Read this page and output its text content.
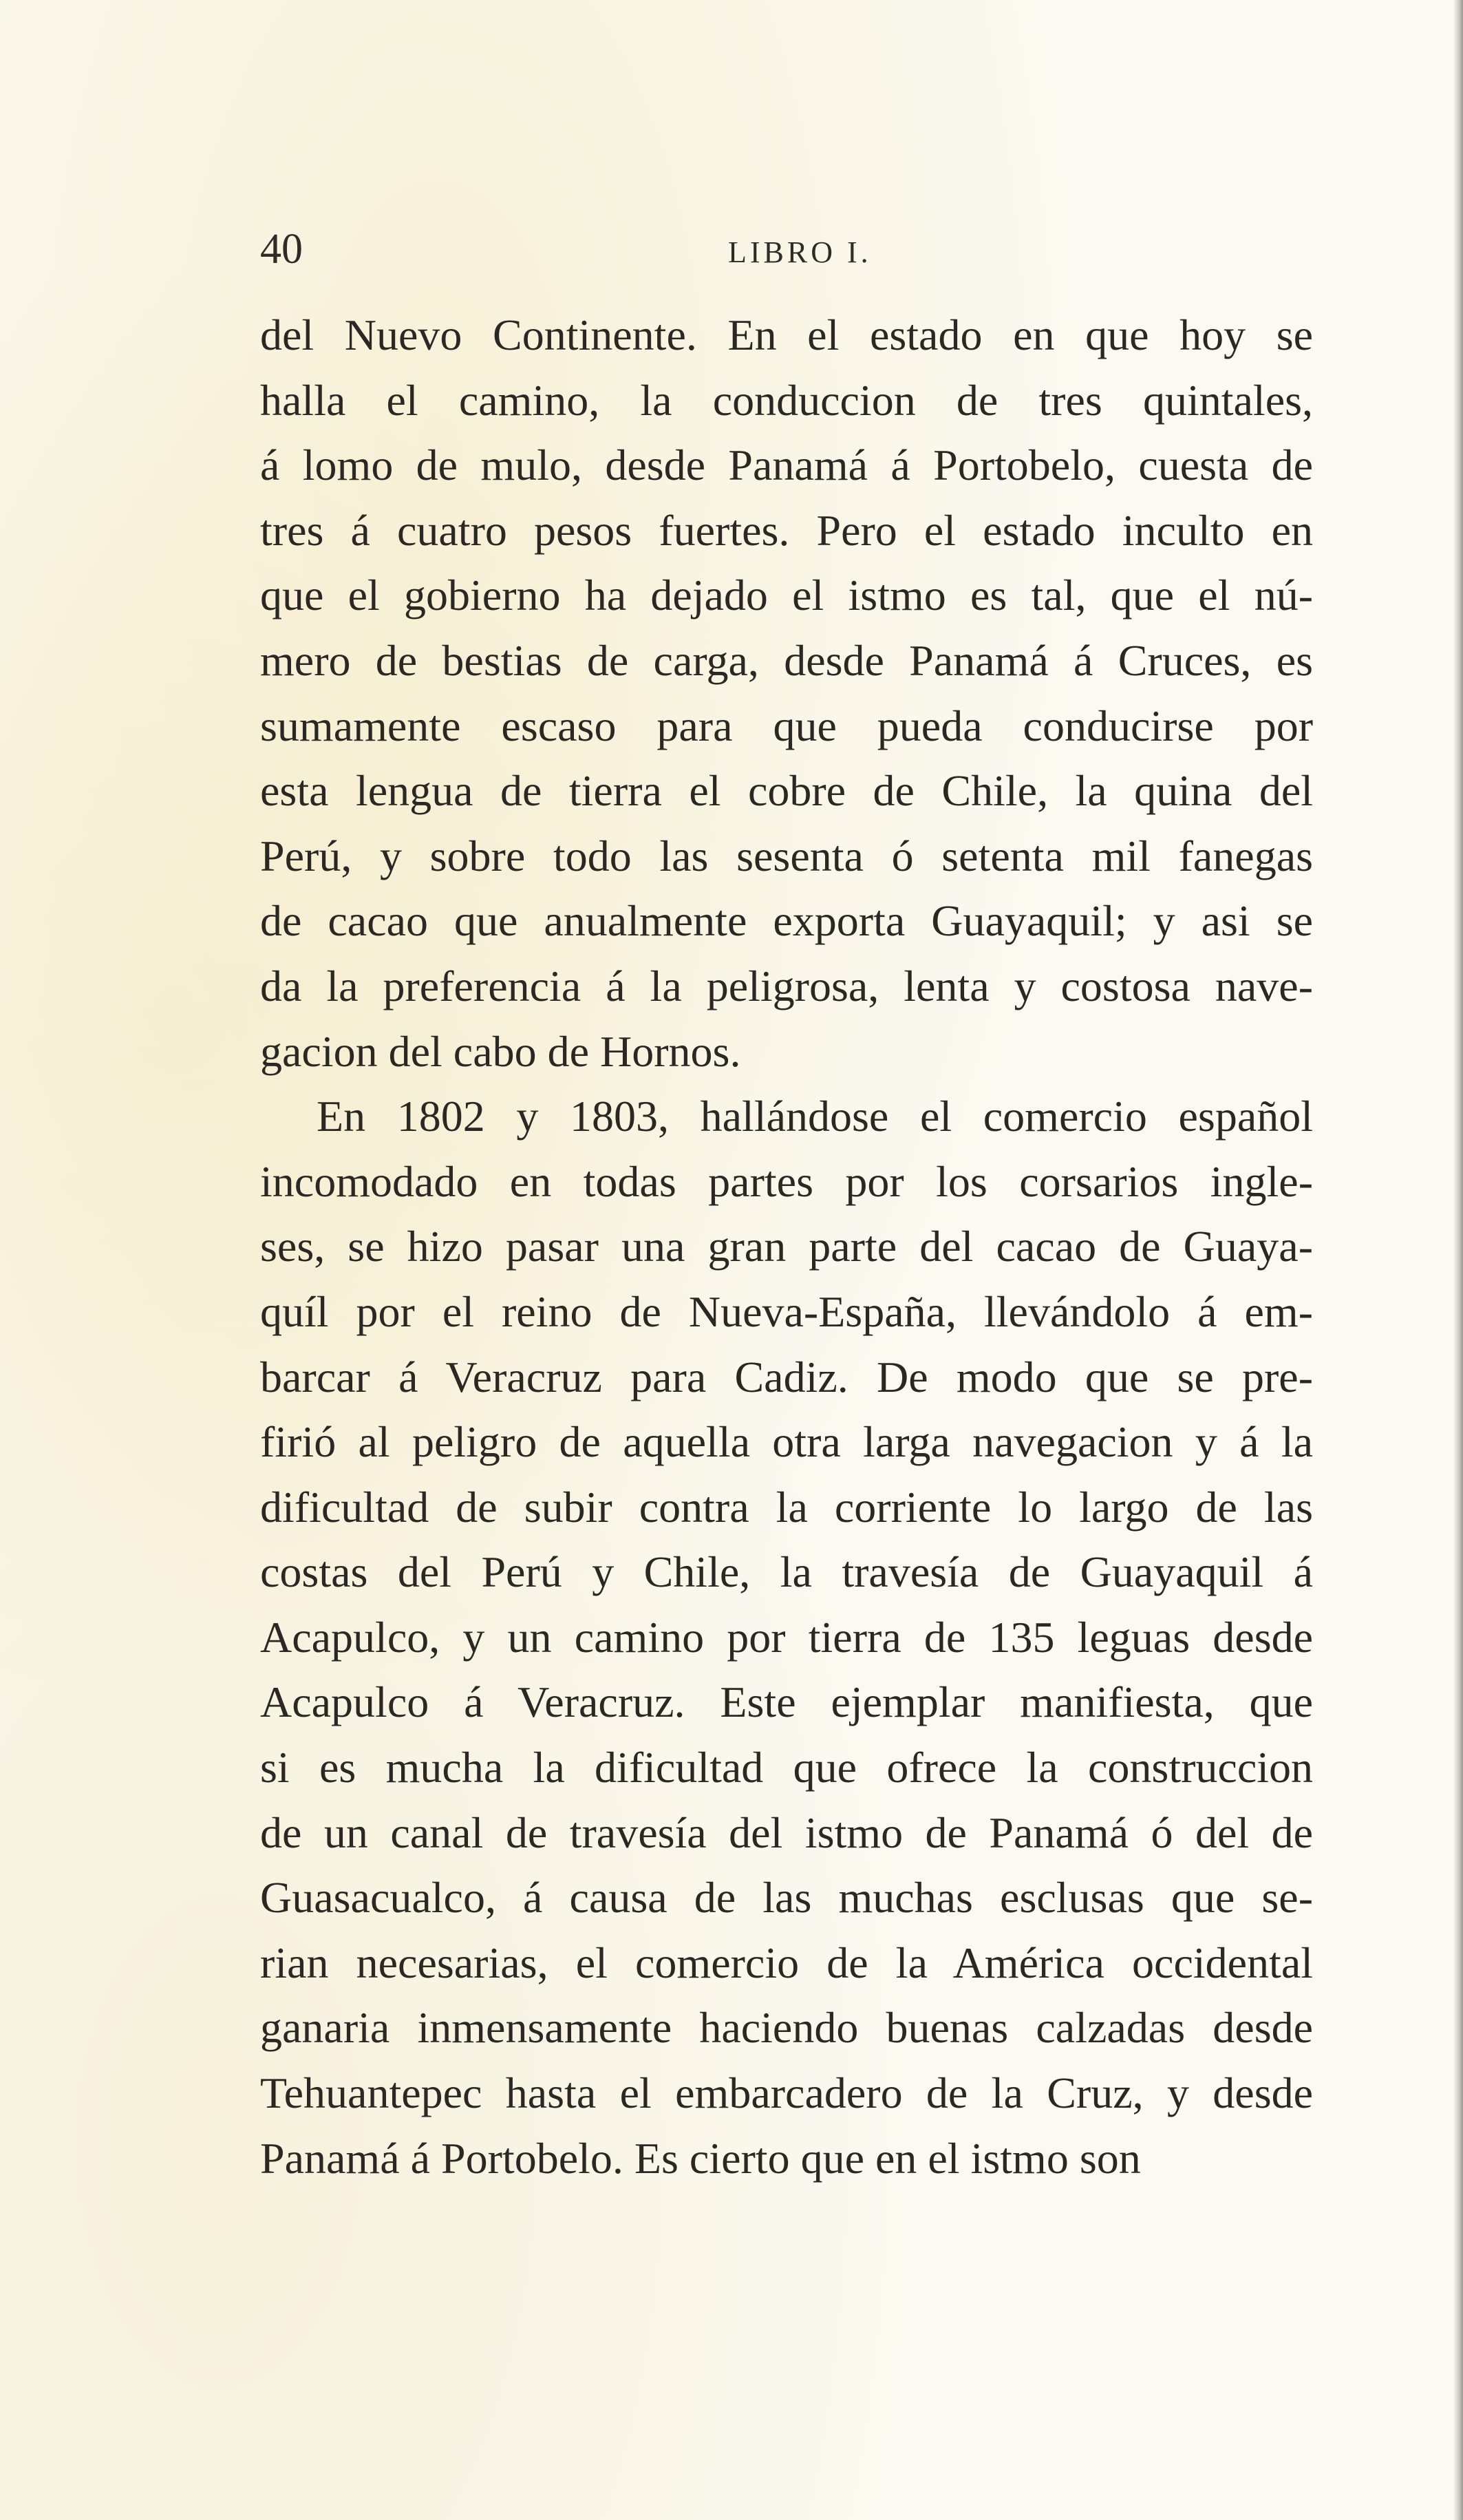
40	LIBRO I.
del Nuevo Continente. En el estado en que hoy se
halla el camino, la conduccion de tres quintales,
á lomo de mulo, desde Panamá á Portobelo, cuesta de
tres á cuatro pesos fuertes. Pero el estado inculto en
que el gobierno ha dejado el istmo es tal, que el nú-
mero de bestias de carga, desde Panamá á Cruces, es
sumamente escaso para que pueda conducirse por
esta lengua de tierra el cobre de Chile, la quina del
Perú, y sobre todo las sesenta ó setenta mil fanegas
de cacao que anualmente exporta Guayaquil; y asi se
da la preferencia á la peligrosa, lenta y costosa nave-
gacion del cabo de Hornos.
En 1802 y 1803, hallándose el comercio español
incomodado en todas partes por los corsarios ingle-
ses, se hizo pasar una gran parte del cacao de Guaya-
quíl por el reino de Nueva-España, llevándolo á em-
barcar á Veracruz para Cadiz. De modo que se pre-
firió al peligro de aquella otra larga navegacion y á la
dificultad de subir contra la corriente lo largo de las
costas del Perú y Chile, la travesía de Guayaquil á
Acapulco, y un camino por tierra de 135 leguas desde
Acapulco á Veracruz. Este ejemplar manifiesta, que
si es mucha la dificultad que ofrece la construccion
de un canal de travesía del istmo de Panamá ó del de
Guasacualco, á causa de las muchas esclusas que se-
rian necesarias, el comercio de la América occidental
ganaria inmensamente haciendo buenas calzadas desde
Tehuantepec hasta el embarcadero de la Cruz, y desde
Panamá á Portobelo. Es cierto que en el istmo son
